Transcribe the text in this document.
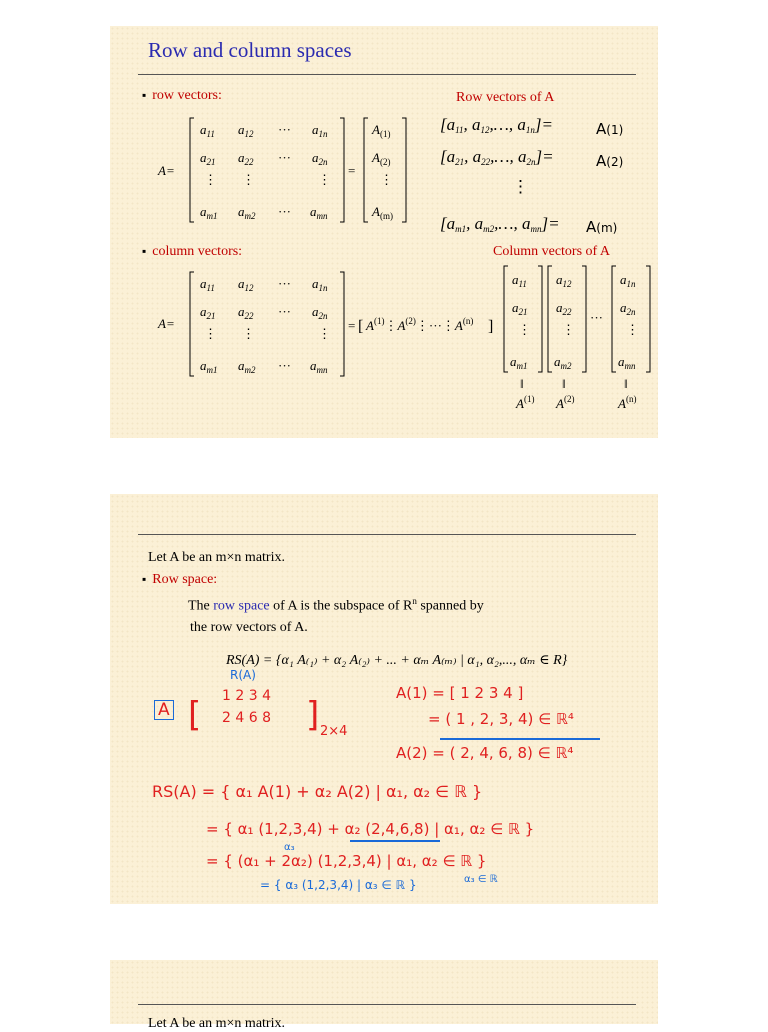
Row and column spaces
▪ row vectors:	Row vectors of A
A=
$a_{11}$ $a_{12}$ ··· $a_{1n}$
$a_{21}$ $a_{22}$ ··· $a_{2n}$
⋮ ⋮	⋮
$a_{m1}$ $a_{m2}$ ··· $a_{mn}$
=
$A_{(1)}$
$A_{(2)}$
⋮
$A_{(m)}$
[a11, a12,…, a1n]=	A(1)
[a21, a22,…, a2n]=	A(2)
⋮
[am1, am2,…, amn]= A(m)
▪ column vectors:	Column vectors of A
A=
$a_{11}$ $a_{12}$ ··· $a_{1n}$
$a_{21}$ $a_{22}$ ··· $a_{2n}$
⋮ ⋮	⋮
$a_{m1}$ $a_{m2}$ ··· $a_{mn}$
= [ $A^{(1)}⋮A^{(2)}⋮\cdot\cdot\cdot⋮A^{(n)}$ ]
$a_{11}$
$a_{21}$
⋮
$a_{m1}$
$a_{12}$
$a_{22}$
⋮
$a_{m2}$
···
$a_{1n}$
$a_{2n}$
⋮
$a_{mn}$
‖	‖	‖
$A^{(1)}$ $A^{(2)}$	$A^{(n)}$
Let A be an m×n matrix.
▪ Row space:
The row space of A is the subspace of $R^n$ spanned by
the row vectors of A.
RS(A) = {α₁ A₍₁₎ + α₂ A₍₂₎ + ... + αₘ A₍ₘ₎ | α₁, α₂,..., αₘ ∈ R}
R(A)
A [ 1 2 3 4
2 4 6 8 ] 2×4
A(1) = [ 1 2 3 4 ]
= ( 1 , 2, 3, 4) ∈ ℝ⁴
A(2) = ( 2, 4, 6, 8) ∈ ℝ⁴
RS(A) = { α₁ A(1) + α₂ A(2) | α₁, α₂ ∈ ℝ }
= { α₁ (1,2,3,4) + α₂ (2,4,6,8) | α₁, α₂ ∈ ℝ }
α₃
= { (α₁ + 2α₂) (1,2,3,4) | α₁, α₂ ∈ ℝ }
= { α₃ (1,2,3,4) | α₃ ∈ ℝ }	α₃ ∈ ℝ
Let A be an m×n matrix.
